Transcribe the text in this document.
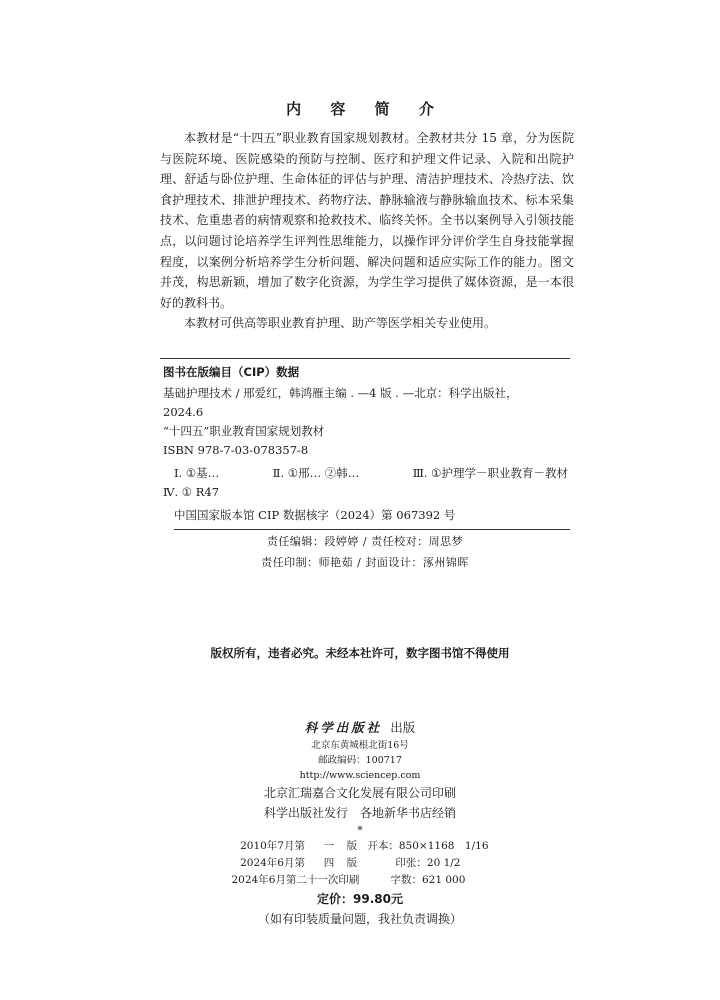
内 容 简 介

本教材是“十四五”职业教育国家规划教材。全教材共分 15 章，分为医院与医院环境、医院感染的预防与控制、医疗和护理文件记录、入院和出院护理、舒适与卧位护理、生命体征的评估与护理、清洁护理技术、冷热疗法、饮食护理技术、排泄护理技术、药物疗法、静脉输液与静脉输血技术、标本采集技术、危重患者的病情观察和抢救技术、临终关怀。全书以案例导入引领技能点，以问题讨论培养学生评判性思维能力，以操作评分评价学生自身技能掌握程度，以案例分析培养学生分析问题、解决问题和适应实际工作的能力。图文并茂，构思新颖，增加了数字化资源，为学生学习提供了媒体资源，是一本很好的教科书。

本教材可供高等职业教育护理、助产等医学相关专业使用。

图书在版编目（CIP）数据
基础护理技术 / 邢爱红，韩鸿雁主编 . —4 版 . —北京：科学出版社，
2024.6
“十四五”职业教育国家规划教材
ISBN 978-7-03-078357-8
Ⅰ. ①基…	Ⅱ. ①邢… ②韩…	Ⅲ. ①护理学－职业教育－教材
Ⅳ. ① R47
中国国家版本馆 CIP 数据核字（2024）第 067392 号
责任编辑：段婷婷 / 责任校对：周思梦
责任印制：师艳茹 / 封面设计：涿州锦晖
版权所有，违者必究。未经本社许可，数字图书馆不得使用
科学出版社 出版
北京东黄城根北街16号
邮政编码：100717
http://www.sciencep.com
北京汇瑞嘉合文化发展有限公司印刷
科学出版社发行　各地新华书店经销
*
2010年7月第	一	版	开本：850×1168　1/16
2024年6月第	四	版	印张：20 1/2
2024年6月第二十一次印刷			字数：621 000
定价：99.80元
（如有印装质量问题，我社负责调换）
